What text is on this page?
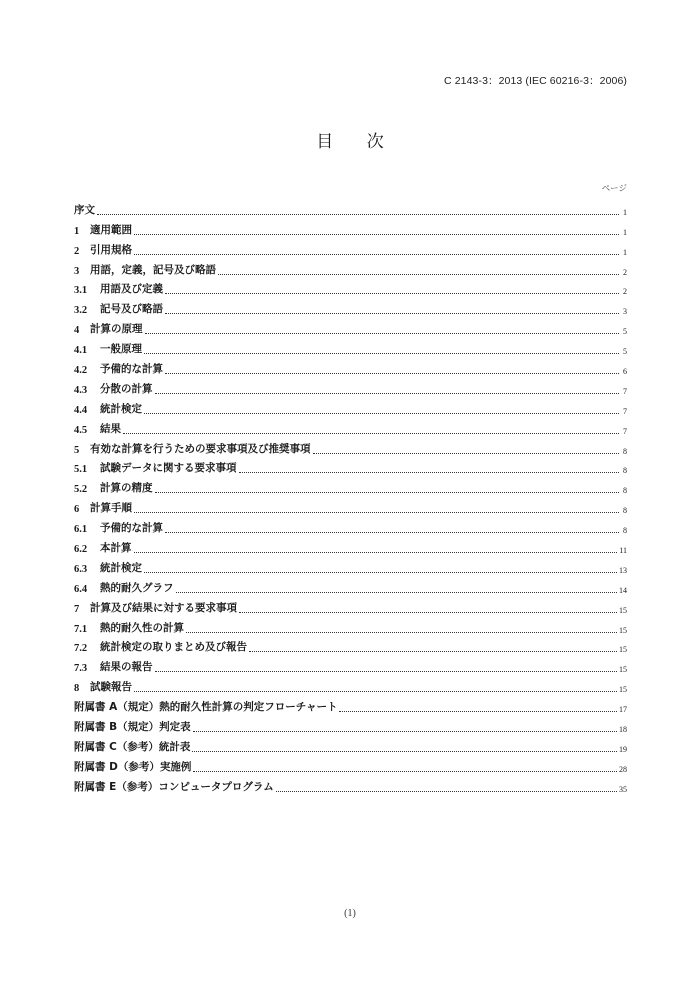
C 2143-3：2013 (IEC 60216-3：2006)
目 次
ページ
序文	1
1	適用範囲	1
2	引用規格	1
3	用語，定義，記号及び略語	2
3.1	用語及び定義	2
3.2	記号及び略語	3
4	計算の原理	5
4.1	一般原理	5
4.2	予備的な計算	6
4.3	分散の計算	7
4.4	統計検定	7
4.5	結果	7
5	有効な計算を行うための要求事項及び推奨事項	8
5.1	試験データに関する要求事項	8
5.2	計算の精度	8
6	計算手順	8
6.1	予備的な計算	8
6.2	本計算	11
6.3	統計検定	13
6.4	熱的耐久グラフ	14
7	計算及び結果に対する要求事項	15
7.1	熱的耐久性の計算	15
7.2	統計検定の取りまとめ及び報告	15
7.3	結果の報告	15
8	試験報告	15
附属書 A（規定）熱的耐久性計算の判定フローチャート	17
附属書 B（規定）判定表	18
附属書 C（参考）統計表	19
附属書 D（参考）実施例	28
附属書 E（参考）コンピュータプログラム	35
(1)
